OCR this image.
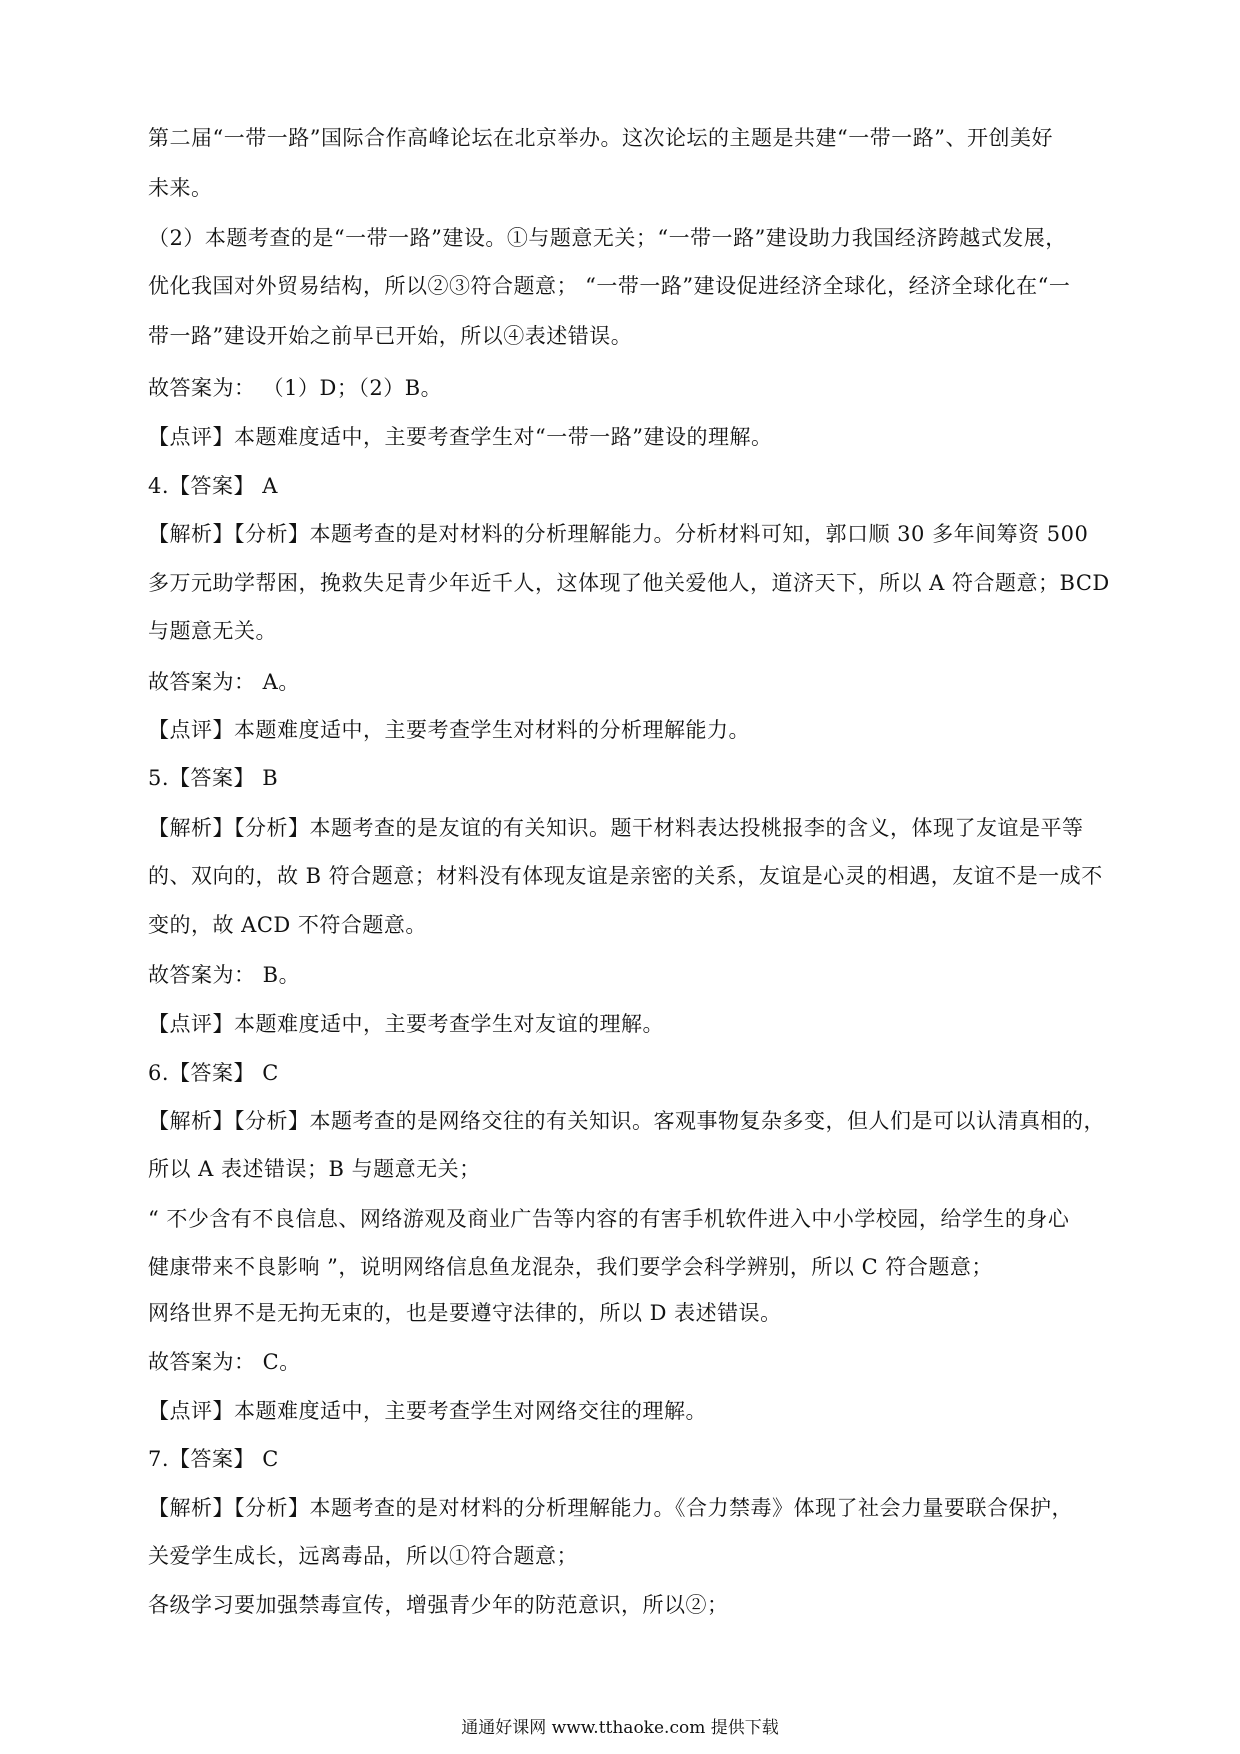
第二届“一带一路”国际合作高峰论坛在北京举办。这次论坛的主题是共建“一带一路”、开创美好
未来。
（2）本题考查的是“一带一路”建设。①与题意无关；“一带一路”建设助力我国经济跨越式发展，
优化我国对外贸易结构，所以②③符合题意； “一带一路”建设促进经济全球化，经济全球化在“一
带一路”建设开始之前早已开始，所以④表述错误。
故答案为： （1）D；（2）B。
【点评】本题难度适中，主要考查学生对“一带一路”建设的理解。
4.【答案】 A
【解析】【分析】本题考查的是对材料的分析理解能力。分析材料可知，郭口顺 30 多年间筹资 500
多万元助学帮困，挽救失足青少年近千人，这体现了他关爱他人，道济天下，所以 A 符合题意；BCD
与题意无关。
故答案为： A。
【点评】本题难度适中，主要考查学生对材料的分析理解能力。
5.【答案】 B
【解析】【分析】本题考查的是友谊的有关知识。题干材料表达投桃报李的含义，体现了友谊是平等
的、双向的，故 B 符合题意；材料没有体现友谊是亲密的关系，友谊是心灵的相遇，友谊不是一成不
变的，故 ACD 不符合题意。
故答案为： B。
【点评】本题难度适中，主要考查学生对友谊的理解。
6.【答案】 C
【解析】【分析】本题考查的是网络交往的有关知识。客观事物复杂多变，但人们是可以认清真相的，
所以 A 表述错误；B 与题意无关；
“ 不少含有不良信息、网络游观及商业广告等内容的有害手机软件进入中小学校园，给学生的身心
健康带来不良影响 ”，说明网络信息鱼龙混杂，我们要学会科学辨别，所以 C 符合题意；
网络世界不是无拘无束的，也是要遵守法律的，所以 D 表述错误。
故答案为： C。
【点评】本题难度适中，主要考查学生对网络交往的理解。
7.【答案】 C
【解析】【分析】本题考查的是对材料的分析理解能力。《合力禁毒》体现了社会力量要联合保护，
关爱学生成长，远离毒品，所以①符合题意；
各级学习要加强禁毒宣传，增强青少年的防范意识，所以②；
通通好课网 www.tthaoke.com 提供下载
